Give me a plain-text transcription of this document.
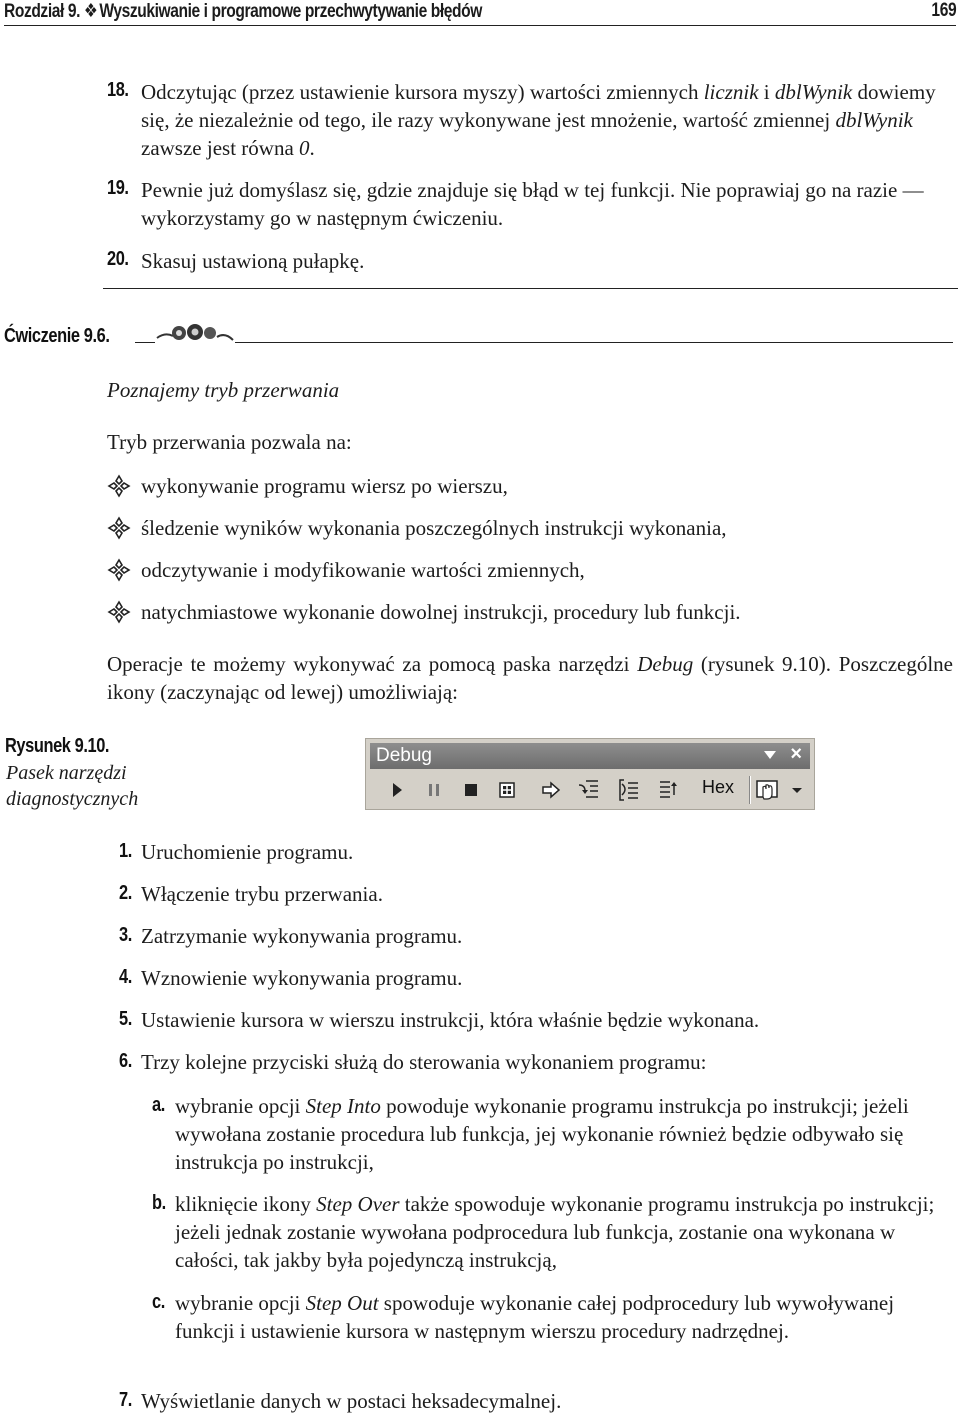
Rozdział 9. ❖ Wyszukiwanie i programowe przechwytywanie błędów	169
18. Odczytując (przez ustawienie kursora myszy) wartości zmiennych licznik i dblWynik dowiemy się, że niezależnie od tego, ile razy wykonywane jest mnożenie, wartość zmiennej dblWynik zawsze jest równa 0.
19. Pewnie już domyślasz się, gdzie znajduje się błąd w tej funkcji. Nie poprawiaj go na razie — wykorzystamy go w następnym ćwiczeniu.
20. Skasuj ustawioną pułapkę.
Ćwiczenie 9.6.
Poznajemy tryb przerwania
Tryb przerwania pozwala na:
wykonywanie programu wiersz po wierszu,
śledzenie wyników wykonania poszczególnych instrukcji wykonania,
odczytywanie i modyfikowanie wartości zmiennych,
natychmiastowe wykonanie dowolnej instrukcji, procedury lub funkcji.
Operacje te możemy wykonywać za pomocą paska narzędzi Debug (rysunek 9.10). Poszczególne ikony (zaczynając od lewej) umożliwiają:
Rysunek 9.10.
Pasek narzędzi
diagnostycznych
Debug	×
Hex
1. Uruchomienie programu.
2. Włączenie trybu przerwania.
3. Zatrzymanie wykonywania programu.
4. Wznowienie wykonywania programu.
5. Ustawienie kursora w wierszu instrukcji, która właśnie będzie wykonana.
6. Trzy kolejne przyciski służą do sterowania wykonaniem programu:
a. wybranie opcji Step Into powoduje wykonanie programu instrukcja po instrukcji; jeżeli wywołana zostanie procedura lub funkcja, jej wykonanie również będzie odbywało się instrukcja po instrukcji,
b. kliknięcie ikony Step Over także spowoduje wykonanie programu instrukcja po instrukcji; jeżeli jednak zostanie wywołana podprocedura lub funkcja, zostanie ona wykonana w całości, tak jakby była pojedynczą instrukcją,
c. wybranie opcji Step Out spowoduje wykonanie całej podprocedury lub wywoływanej funkcji i ustawienie kursora w następnym wierszu procedury nadrzędnej.
7. Wyświetlanie danych w postaci heksadecymalnej.
